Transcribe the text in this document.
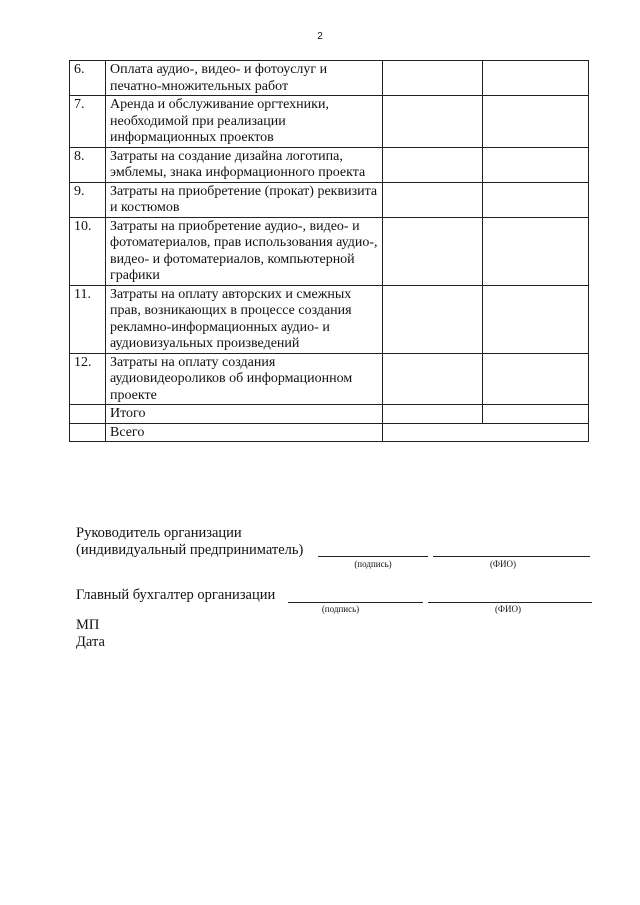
2
6.	Оплата аудио-, видео- и фотоуслуг и печатно-множительных работ		
7.	Аренда и обслуживание оргтехники, необходимой при реализации информационных проектов		
8.	Затраты на создание дизайна логотипа, эмблемы, знака информационного проекта		
9.	Затраты на приобретение (прокат) реквизита и костюмов		
10.	Затраты на приобретение аудио-, видео- и фотоматериалов, прав использования аудио-, видео- и фотоматериалов, компьютерной графики		
11.	Затраты на оплату авторских и смежных прав, возникающих в процессе создания рекламно-информационных аудио- и аудиовизуальных произведений		
12.	Затраты на оплату создания аудиовидеороликов об информационном проекте		
	Итого		
	Всего		
Руководитель организации
(индивидуальный предприниматель)
(подпись)	(ФИО)
Главный бухгалтер организации
(подпись)	(ФИО)
МП
Дата
